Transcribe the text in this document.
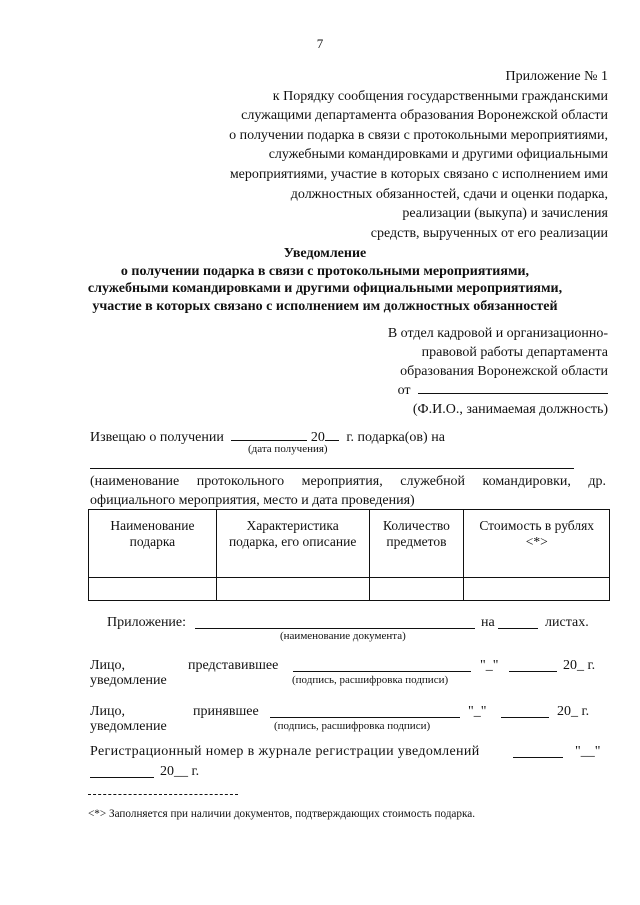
7
Приложение № 1
к Порядку сообщения государственными гражданскими
служащими департамента образования Воронежской области
о получении подарка в связи с протокольными мероприятиями,
служебными командировками и другими официальными
мероприятиями, участие в которых связано с исполнением ими
должностных обязанностей, сдачи и оценки подарка,
реализации (выкупа) и зачисления
средств, вырученных от его реализации
Уведомление
о получении подарка в связи с протокольными мероприятиями,
служебными командировками и другими официальными мероприятиями,
участие в которых связано с исполнением им должностных обязанностей
В отдел кадровой и организационно-
правовой работы департамента
образования Воронежской области
от
(Ф.И.О., занимаемая должность)
Извещаю о получении	20 г. подарка(ов) на
(дата получения)
(наименование протокольного мероприятия, служебной командировки, др. официального мероприятия, место и дата проведения)
Наименование подарка	Характеристика подарка, его описание	Количество предметов	Стоимость в рублях <*>

Приложение:	на	листах.
(наименование документа)
Лицо,
уведомление
представившее	"_"	20_ г.
(подпись, расшифровка подписи)
Лицо,
уведомление
принявшее	"_"	20_ г.
(подпись, расшифровка подписи)
Регистрационный номер в журнале регистрации уведомлений	"__"
20__ г.
<*> Заполняется при наличии документов, подтверждающих стоимость подарка.
